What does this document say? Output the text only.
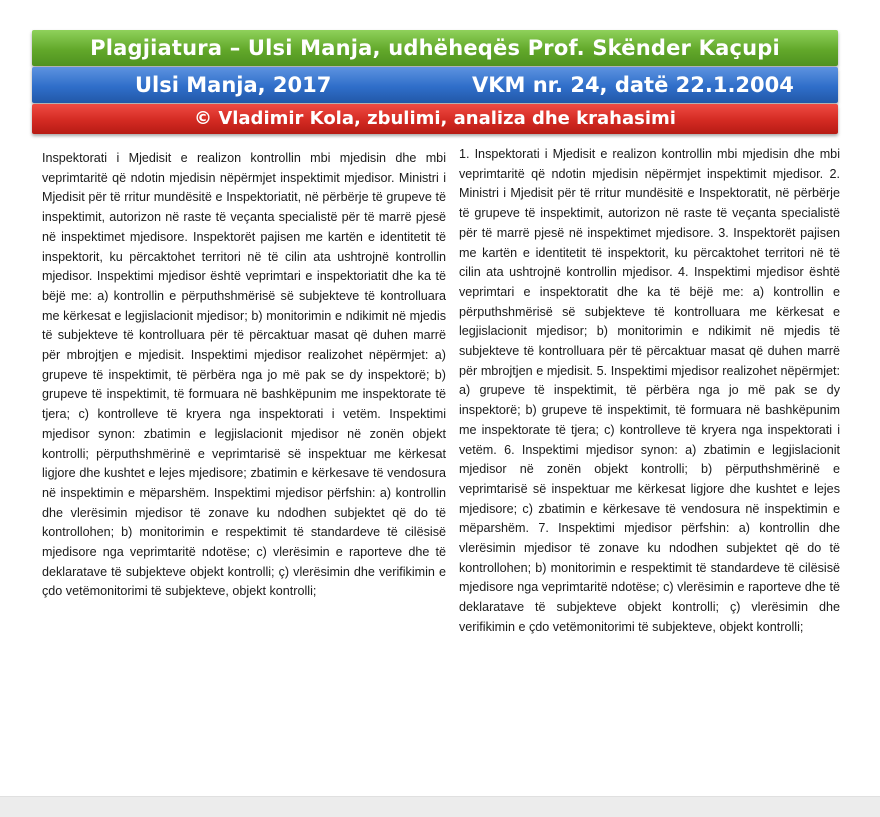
Plagjiatura – Ulsi Manja, udhëheqës Prof. Skënder Kaçupi
Ulsi Manja, 2017	VKM nr. 24, datë 22.1.2004
© Vladimir Kola, zbulimi, analiza dhe krahasimi
Inspektorati i Mjedisit e realizon kontrollin mbi mjedisin dhe mbi veprimtaritë që ndotin mjedisin nëpërmjet inspektimit mjedisor. Ministri i Mjedisit për të rritur mundësitë e Inspektoriatit, në përbërje të grupeve të inspektimit, autorizon në raste të veçanta specialistë për të marrë pjesë në inspektimet mjedisore. Inspektorët pajisen me kartën e identitetit të inspektorit, ku përcaktohet territori në të cilin ata ushtrojnë kontrollin mjedisor. Inspektimi mjedisor është veprimtari e inspektoriatit dhe ka të bëjë me: a) kontrollin e përputhshmërisë së subjekteve të kontrolluara me kërkesat e legjislacionit mjedisor; b) monitorimin e ndikimit në mjedis të subjekteve të kontrolluara për të përcaktuar masat që duhen marrë për mbrojtjen e mjedisit. Inspektimi mjedisor realizohet nëpërmjet: a) grupeve të inspektimit, të përbëra nga jo më pak se dy inspektorë; b) grupeve të inspektimit, të formuara në bashkëpunim me inspektorate të tjera; c) kontrolleve të kryera nga inspektorati i vetëm. Inspektimi mjedisor synon: zbatimin e legjislacionit mjedisor në zonën objekt kontrolli; përputhshmërinë e veprimtarisë së inspektuar me kërkesat ligjore dhe kushtet e lejes mjedisore; zbatimin e kërkesave të vendosura në inspektimin e mëparshëm. Inspektimi mjedisor përfshin: a) kontrollin dhe vlerësimin mjedisor të zonave ku ndodhen subjektet që do të kontrollohen; b) monitorimin e respektimit të standardeve të cilësisë mjedisore nga veprimtaritë ndotëse; c) vlerësimin e raporteve dhe të deklaratave të subjekteve objekt kontrolli; ç) vlerësimin dhe verifikimin e çdo vetëmonitorimi të subjekteve, objekt kontrolli;
1. Inspektorati i Mjedisit e realizon kontrollin mbi mjedisin dhe mbi veprimtaritë që ndotin mjedisin nëpërmjet inspektimit mjedisor. 2. Ministri i Mjedisit për të rritur mundësitë e Inspektoratit, në përbërje të grupeve të inspektimit, autorizon në raste të veçanta specialistë për të marrë pjesë në inspektimet mjedisore. 3. Inspektorët pajisen me kartën e identitetit të inspektorit, ku përcaktohet territori në të cilin ata ushtrojnë kontrollin mjedisor. 4. Inspektimi mjedisor është veprimtari e inspektoratit dhe ka të bëjë me: a) kontrollin e përputhshmërisë së subjekteve të kontrolluara me kërkesat e legjislacionit mjedisor; b) monitorimin e ndikimit në mjedis të subjekteve të kontrolluara për të përcaktuar masat që duhen marrë për mbrojtjen e mjedisit. 5. Inspektimi mjedisor realizohet nëpërmjet: a) grupeve të inspektimit, të përbëra nga jo më pak se dy inspektorë; b) grupeve të inspektimit, të formuara në bashkëpunim me inspektorate të tjera; c) kontrolleve të kryera nga inspektorati i vetëm. 6. Inspektimi mjedisor synon: a) zbatimin e legjislacionit mjedisor në zonën objekt kontrolli; b) përputhshmërinë e veprimtarisë së inspektuar me kërkesat ligjore dhe kushtet e lejes mjedisore; c) zbatimin e kërkesave të vendosura në inspektimin e mëparshëm. 7. Inspektimi mjedisor përfshin: a) kontrollin dhe vlerësimin mjedisor të zonave ku ndodhen subjektet që do të kontrollohen; b) monitorimin e respektimit të standardeve të cilësisë mjedisore nga veprimtaritë ndotëse; c) vlerësimin e raporteve dhe të deklaratave të subjekteve objekt kontrolli; ç) vlerësimin dhe verifikimin e çdo vetëmonitorimi të subjekteve, objekt kontrolli;
